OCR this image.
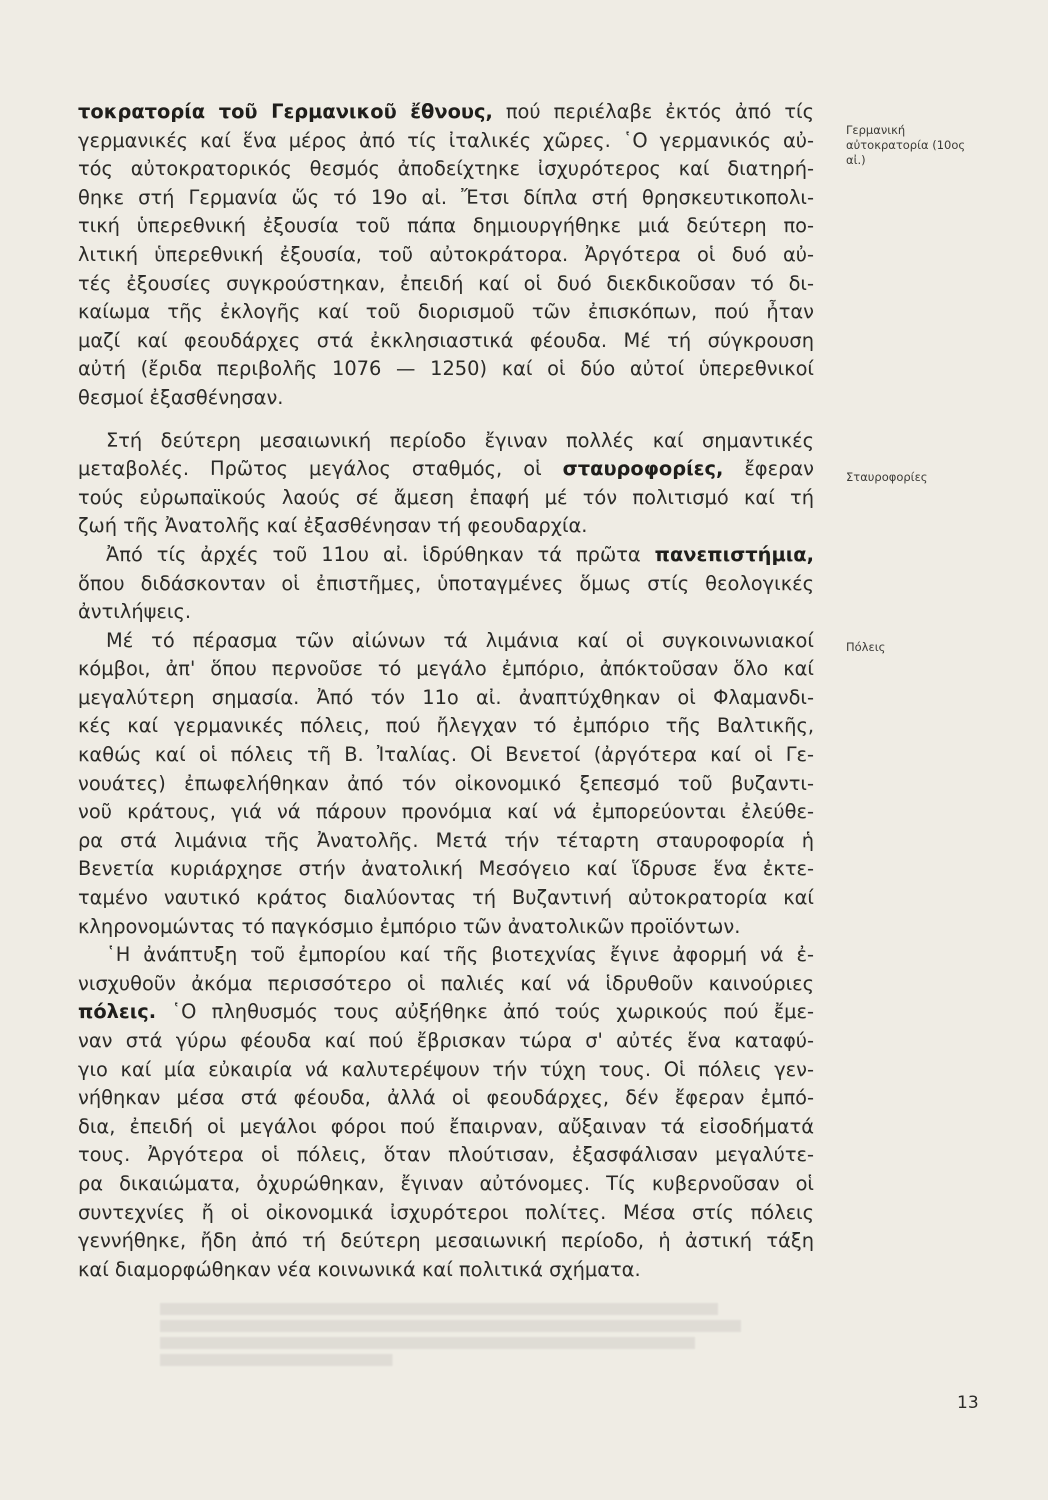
τοκρατορία τοῦ Γερμανικοῦ ἔθνους, πού περιέλαβε ἐκτός ἀπό τίς
γερμανικές καί ἕνα μέρος ἀπό τίς ἰταλικές χῶρες. ῾Ο γερμανικός αὐ-
τός αὐτοκρατορικός θεσμός ἀποδείχτηκε ἰσχυρότερος καί διατηρή-
θηκε στή Γερμανία ὥς τό 19ο αἰ. Ἔτσι δίπλα στή θρησκευτικοπολι-
τική ὑπερεθνική ἐξουσία τοῦ πάπα δημιουργήθηκε μιά δεύτερη πο-
λιτική ὑπερεθνική ἐξουσία, τοῦ αὐτοκράτορα. Ἀργότερα οἱ δυό αὐ-
τές ἐξουσίες συγκρούστηκαν, ἐπειδή καί οἱ δυό διεκδικοῦσαν τό δι-
καίωμα τῆς ἐκλογῆς καί τοῦ διορισμοῦ τῶν ἐπισκόπων, πού ἦταν
μαζί καί φεουδάρχες στά ἐκκλησιαστικά φέουδα. Μέ τή σύγκρουση
αὐτή (ἔριδα περιβολῆς 1076 — 1250) καί οἱ δύο αὐτοί ὑπερεθνικοί
θεσμοί ἐξασθένησαν.

Στή δεύτερη μεσαιωνική περίοδο ἔγιναν πολλές καί σημαντικές
μεταβολές. Πρῶτος μεγάλος σταθμός, οἱ σταυροφορίες, ἔφεραν
τούς εὐρωπαϊκούς λαούς σέ ἄμεση ἐπαφή μέ τόν πολιτισμό καί τή
ζωή τῆς Ἀνατολῆς καί ἐξασθένησαν τή φεουδαρχία.

Ἀπό τίς ἀρχές τοῦ 11ου αἰ. ἱδρύθηκαν τά πρῶτα πανεπιστήμια,
ὅπου διδάσκονταν οἱ ἐπιστῆμες, ὑποταγμένες ὅμως στίς θεολογικές
ἀντιλήψεις.

Μέ τό πέρασμα τῶν αἰώνων τά λιμάνια καί οἱ συγκοινωνιακοί
κόμβοι, ἀπ' ὅπου περνοῦσε τό μεγάλο ἐμπόριο, ἀπόκτοῦσαν ὅλο καί
μεγαλύτερη σημασία. Ἀπό τόν 11ο αἰ. ἀναπτύχθηκαν οἱ Φλαμανδι-
κές καί γερμανικές πόλεις, πού ἤλεγχαν τό ἐμπόριο τῆς Βαλτικῆς,
καθώς καί οἱ πόλεις τῆ Β. Ἰταλίας. Οἱ Βενετοί (ἀργότερα καί οἱ Γε-
νουάτες) ἐπωφελήθηκαν ἀπό τόν οἰκονομικό ξεπεσμό τοῦ βυζαντι-
νοῦ κράτους, γιά νά πάρουν προνόμια καί νά ἐμπορεύονται ἐλεύθε-
ρα στά λιμάνια τῆς Ἀνατολῆς. Μετά τήν τέταρτη σταυροφορία ἡ
Βενετία κυριάρχησε στήν ἀνατολική Μεσόγειο καί ἵδρυσε ἕνα ἐκτε-
ταμένο ναυτικό κράτος διαλύοντας τή Βυζαντινή αὐτοκρατορία καί
κληρονομώντας τό παγκόσμιο ἐμπόριο τῶν ἀνατολικῶν προϊόντων.

῾Η ἀνάπτυξη τοῦ ἐμπορίου καί τῆς βιοτεχνίας ἔγινε ἀφορμή νά ἐ-
νισχυθοῦν ἀκόμα περισσότερο οἱ παλιές καί νά ἱδρυθοῦν καινούριες
πόλεις. ῾Ο πληθυσμός τους αὐξήθηκε ἀπό τούς χωρικούς πού ἔμε-
ναν στά γύρω φέουδα καί πού ἔβρισκαν τώρα σ' αὐτές ἕνα καταφύ-
γιο καί μία εὐκαιρία νά καλυτερέψουν τήν τύχη τους. Οἱ πόλεις γεν-
νήθηκαν μέσα στά φέουδα, ἀλλά οἱ φεουδάρχες, δέν ἔφεραν ἐμπό-
δια, ἐπειδή οἱ μεγάλοι φόροι πού ἔπαιρναν, αὔξαιναν τά εἰσοδήματά
τους. Ἀργότερα οἱ πόλεις, ὅταν πλούτισαν, ἐξασφάλισαν μεγαλύτε-
ρα δικαιώματα, ὀχυρώθηκαν, ἔγιναν αὐτόνομες. Τίς κυβερνοῦσαν οἱ
συντεχνίες ἤ οἱ οἰκονομικά ἰσχυρότεροι πολίτες. Μέσα στίς πόλεις
γεννήθηκε, ἤδη ἀπό τή δεύτερη μεσαιωνική περίοδο, ἡ ἀστική τάξη
καί διαμορφώθηκαν νέα κοινωνικά καί πολιτικά σχήματα.

Γερμανική αὐτοκρατορία (10ος αἰ.)
Σταυροφορίες
Πόλεις
13
